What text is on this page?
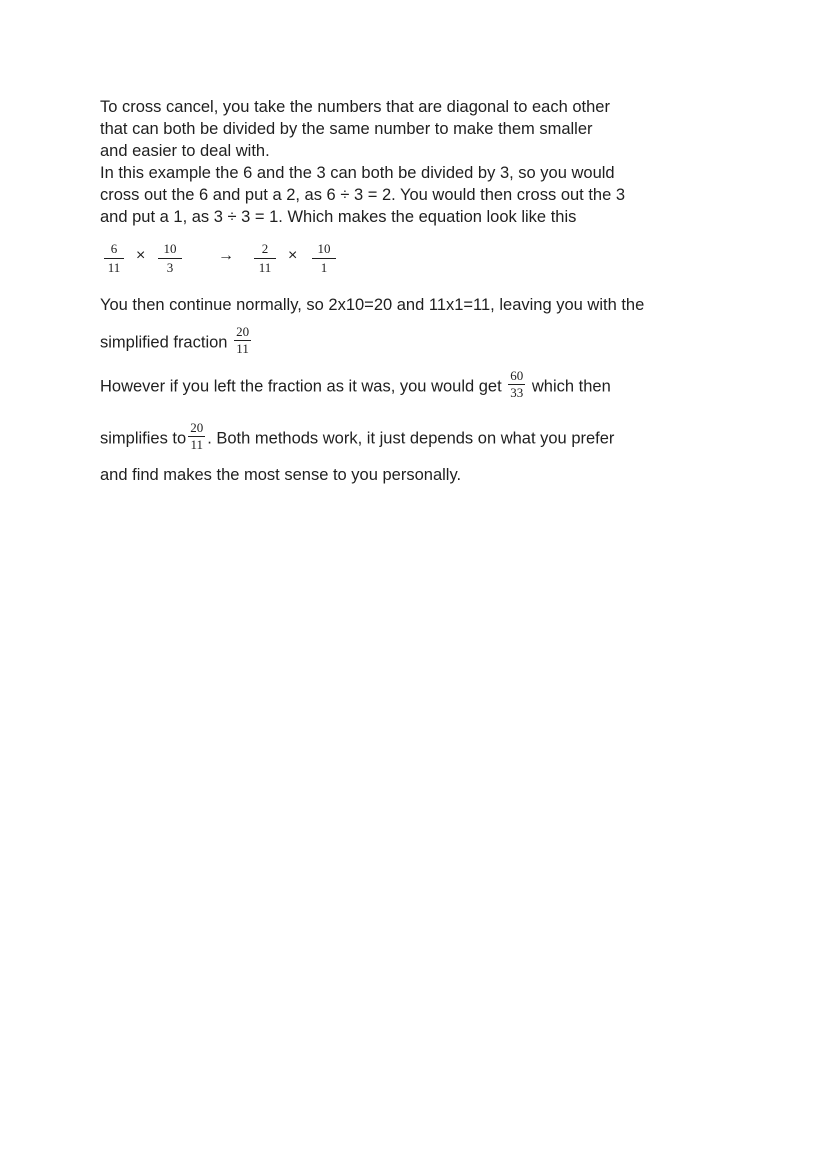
To cross cancel, you take the numbers that are diagonal to each other

that can both be divided by the same number to make them smaller

and easier to deal with.

In this example the 6 and the 3 can both be divided by 3, so you would

cross out the 6 and put a 2, as 6 ÷ 3 = 2. You would then cross out the 3

and put a 1, as 3 ÷ 3 = 1. Which makes the equation look like this

$\frac{6}{11} \times \frac{10}{3} \to \frac{2}{11} \times \frac{10}{1}$

You then continue normally, so 2x10=20 and 11x1=11, leaving you with the

simplified fraction $\frac{20}{11}$
However if you left the fraction as it was, you would get $\frac{60}{33}$ which then
simplifies to $\frac{20}{11}$ . Both methods work, it just depends on what you prefer

and find makes the most sense to you personally.
